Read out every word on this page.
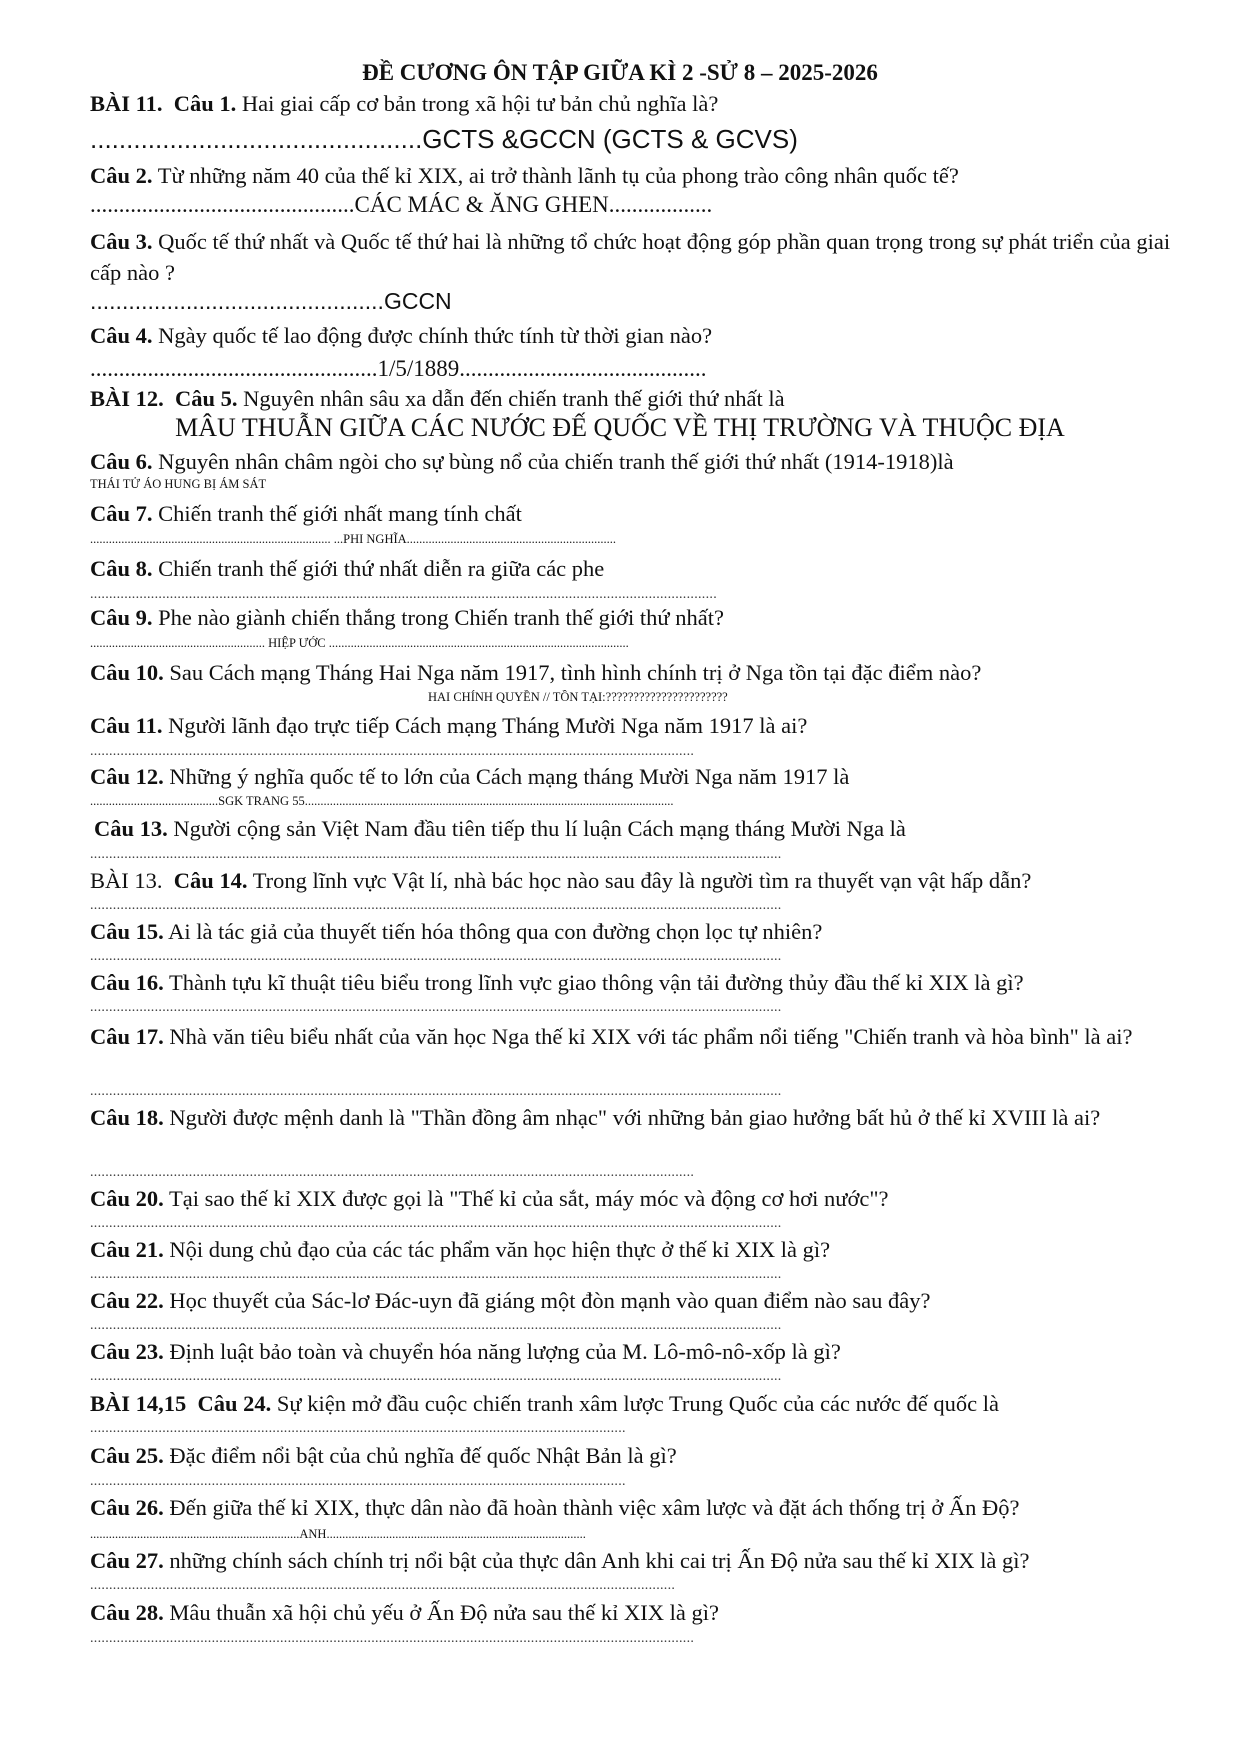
ĐỀ CƯƠNG ÔN TẬP GIỮA KÌ 2 -SỬ 8 – 2025-2026
BÀI 11. Câu 1. Hai giai cấp cơ bản trong xã hội tư bản chủ nghĩa là?
..............................................GCTS &GCCN (GCTS & GCVS)
Câu 2. Từ những năm 40 của thế kỉ XIX, ai trở thành lãnh tụ của phong trào công nhân quốc tế?
..............................................CÁC MÁC & ĂNG GHEN..................
Câu 3. Quốc tế thứ nhất và Quốc tế thứ hai là những tổ chức hoạt động góp phần quan trọng trong sự phát triển của giai cấp nào ?
..............................................GCCN
Câu 4. Ngày quốc tế lao động được chính thức tính từ thời gian nào?
..................................................1/5/1889...........................................
BÀI 12. Câu 5. Nguyên nhân sâu xa dẫn đến chiến tranh thế giới thứ nhất là
MÂU THUẪN GIỮA CÁC NƯỚC ĐẾ QUỐC VỀ THỊ TRƯỜNG VÀ THUỘC ĐỊA
Câu 6. Nguyên nhân châm ngòi cho sự bùng nổ của chiến tranh thế giới thứ nhất (1914-1918)là
THÁI TỬ ÁO HUNG BỊ ÁM SÁT
Câu 7. Chiến tranh thế giới nhất mang tính chất
............................................................................. ...PHI NGHĨA...................................................................
Câu 8. Chiến tranh thế giới thứ nhất diễn ra giữa các phe
.....................................................................................................................................................................
Câu 9. Phe nào giành chiến thắng trong Chiến tranh thế giới thứ nhất?
........................................................ HIỆP ƯỚC ................................................................................................
Câu 10. Sau Cách mạng Tháng Hai Nga năm 1917, tình hình chính trị ở Nga tồn tại đặc điểm nào?
HAI CHÍNH QUYỀN // TỒN TẠI:??????????????????????
Câu 11. Người lãnh đạo trực tiếp Cách mạng Tháng Mười Nga năm 1917 là ai?
...............................................................................................................................................................
Câu 12. Những ý nghĩa quốc tế to lớn của Cách mạng tháng Mười Nga năm 1917 là
.........................................SGK TRANG 55......................................................................................................................
Câu 13. Người cộng sản Việt Nam đầu tiên tiếp thu lí luận Cách mạng tháng Mười Nga là
......................................................................................................................................................................................
BÀI 13. Câu 14. Trong lĩnh vực Vật lí, nhà bác học nào sau đây là người tìm ra thuyết vạn vật hấp dẫn?
......................................................................................................................................................................................
Câu 15. Ai là tác giả của thuyết tiến hóa thông qua con đường chọn lọc tự nhiên?
......................................................................................................................................................................................
Câu 16. Thành tựu kĩ thuật tiêu biểu trong lĩnh vực giao thông vận tải đường thủy đầu thế kỉ XIX là gì?
......................................................................................................................................................................................
Câu 17. Nhà văn tiêu biểu nhất của văn học Nga thế kỉ XIX với tác phẩm nổi tiếng "Chiến tranh và hòa bình" là ai?
......................................................................................................................................................................................
Câu 18. Người được mệnh danh là "Thần đồng âm nhạc" với những bản giao hưởng bất hủ ở thế kỉ XVIII là ai?
...............................................................................................................................................................
Câu 20. Tại sao thế kỉ XIX được gọi là "Thế kỉ của sắt, máy móc và động cơ hơi nước"?
......................................................................................................................................................................................
Câu 21. Nội dung chủ đạo của các tác phẩm văn học hiện thực ở thế kỉ XIX là gì?
......................................................................................................................................................................................
Câu 22. Học thuyết của Sác-lơ Đác-uyn đã giáng một đòn mạnh vào quan điểm nào sau đây?
......................................................................................................................................................................................
Câu 23. Định luật bảo toàn và chuyển hóa năng lượng của M. Lô-mô-nô-xốp là gì?
......................................................................................................................................................................................
BÀI 14,15 Câu 24. Sự kiện mở đầu cuộc chiến tranh xâm lược Trung Quốc của các nước đế quốc là
.............................................................................................................................................
Câu 25. Đặc điểm nổi bật của chủ nghĩa đế quốc Nhật Bản là gì?
.............................................................................................................................................
Câu 26. Đến giữa thế kỉ XIX, thực dân nào đã hoàn thành việc xâm lược và đặt ách thống trị ở Ấn Độ?
...................................................................ANH...................................................................................
Câu 27. những chính sách chính trị nổi bật của thực dân Anh khi cai trị Ấn Độ nửa sau thế kỉ XIX là gì?
..........................................................................................................................................................
Câu 28. Mâu thuẫn xã hội chủ yếu ở Ấn Độ nửa sau thế kỉ XIX là gì?
...............................................................................................................................................................
